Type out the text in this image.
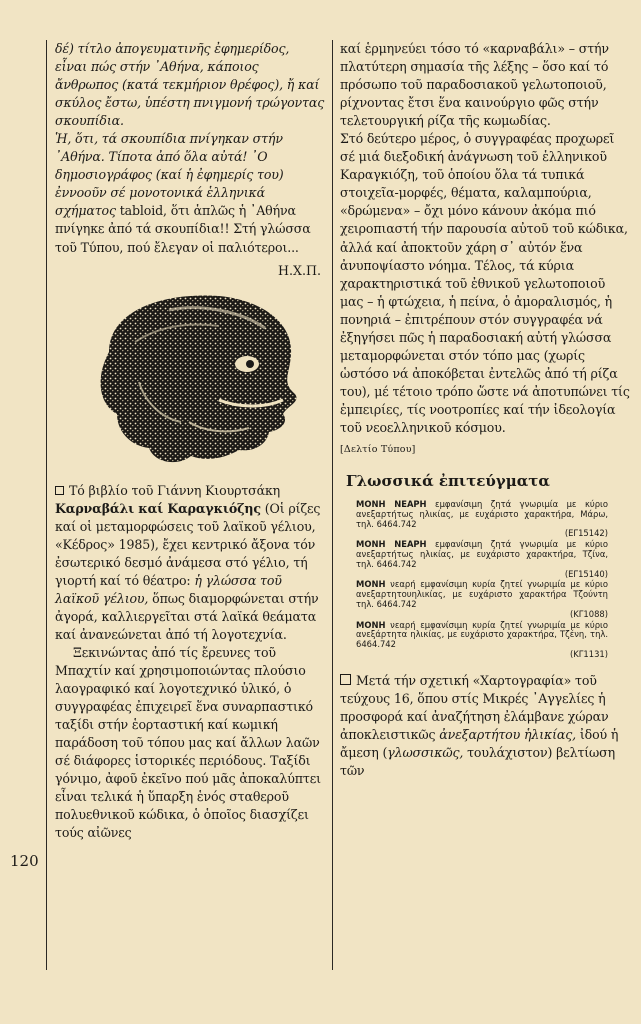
120

δέ) τίτλο ἀπογευματινῆς ἐφημερίδος, εἶναι πώς στήν ᾽Αθήνα, κάποιος ἄνθρωπος (κατά τεκμήριον θρέφος), ἤ καί σκύλος ἔστω, ὑπέστη πνιγμονή τρώγοντας σκουπίδια.

Ἡ, ὅτι, τά σκουπίδια πνίγηκαν στήν ᾽Αθήνα. Τίποτα ἀπό ὅλα αὐτά! ᾽Ο δημοσιογράφος (καί ἡ ἐφημερίς του) ἐννοοῦν σέ μονοτονικά ἑλληνικά σχήματος tabloid, ὅτι ἁπλῶς ἡ ᾽Αθήνα πνίγηκε ἀπό τά σκουπίδια!! Στή γλώσσα τοῦ Τύπου, πού ἔλεγαν οἱ παλιότεροι...

Η.Χ.Π.

Τό βιβλίο τοῦ Γιάννη Κιουρτσάκη Καρναβάλι καί Καραγκιόζης (Οἱ ρίζες καί οἱ μεταμορφώσεις τοῦ λαϊκοῦ γέλιου, «Κέδρος» 1985), ἔχει κεντρικό ἄξονα τόν ἐσωτερικό δεσμό ἀνάμεσα στό γέλιο, τή γιορτή καί τό θέατρο: ἡ γλώσσα τοῦ λαϊκοῦ γέλιου, ὅπως διαμορφώνεται στήν ἀγορά, καλλιεργεῖται στά λαϊκά θεάματα καί ἀνανεώνεται ἀπό τή λογοτεχνία.

Ξεκινώντας ἀπό τίς ἔρευνες τοῦ Μπαχτίν καί χρησιμοποιώντας πλούσιο λαογραφικό καί λογοτεχνικό ὑλικό, ὁ συγγραφέας ἐπιχειρεῖ ἕνα συναρπαστικό ταξίδι στήν ἑορταστική καί κωμική παράδοση τοῦ τόπου μας καί ἄλλων λαῶν σέ διάφορες ἱστορικές περιόδους. Ταξίδι γόνιμο, ἀφοῦ ἐκεῖνο πού μᾶς ἀποκαλύπτει εἶναι τελικά ἡ ὕπαρξη ἑνός σταθεροῦ πολυεθνικοῦ κώδικα, ὁ ὁποῖος διασχίζει τούς αἰῶνες

καί ἑρμηνεύει τόσο τό «καρναβάλι» – στήν πλατύτερη σημασία τῆς λέξης – ὅσο καί τό πρόσωπο τοῦ παραδοσιακοῦ γελωτοποιοῦ, ρίχνοντας ἔτσι ἕνα καινούργιο φῶς στήν τελετουργική ρίζα τῆς κωμωδίας.

Στό δεύτερο μέρος, ὁ συγγραφέας προχωρεῖ σέ μιά διεξοδική ἀνάγνωση τοῦ ἑλληνικοῦ Καραγκιόζη, τοῦ ὁποίου ὅλα τά τυπικά στοιχεῖα-μορφές, θέματα, καλαμπούρια, «δρώμενα» – ὄχι μόνο κάνουν ἀκόμα πιό χειροπιαστή τήν παρουσία αὐτοῦ τοῦ κώδικα, ἀλλά καί ἀποκτοῦν χάρη σ᾽ αὐτόν ἕνα ἀνυποψίαστο νόημα. Τέλος, τά κύρια χαρακτηριστικά τοῦ ἐθνικοῦ γελωτοποιοῦ μας – ἡ φτώχεια, ἡ πείνα, ὁ ἀμοραλισμός, ἡ πονηριά – ἐπιτρέπουν στόν συγγραφέα νά ἐξηγήσει πῶς ἡ παραδοσιακή αὐτή γλώσσα μεταμορφώνεται στόν τόπο μας (χωρίς ὡστόσο νά ἀποκόβεται ἐντελῶς ἀπό τή ρίζα του), μέ τέτοιο τρόπο ὥστε νά ἀποτυπώνει τίς ἐμπειρίες, τίς νοοτροπίες καί τήν ἰδεολογία τοῦ νεοελληνικοῦ κόσμου.

[Δελτίο Τύπου]
Γλωσσικά ἐπιτεύγματα
ΜΟΝΗ ΝΕΑΡΗ εμφανίσιμη ζητά γνωριμία με κύριο ανεξαρτήτως ηλικίας, με ευχάριστο χαρακτήρα, Μάρω, τηλ. 6464.742
(ΕΓ15142)
ΜΟΝΗ ΝΕΑΡΗ εμφανίσιμη ζητά γνωριμία με κύριο ανεξαρτήτως ηλικίας, με ευχάριστο χαρακτήρα, Τζίνα, τηλ. 6464.742
(ΕΓ15140)
ΜΟΝΗ νεαρή εμφανίσιμη κυρία ζητεί γνωριμία με κύριο ανεξαρτητουηλικίας, με ευχάριστο χαρακτήρα Τζούντη τηλ. 6464.742
(ΚΓ1088)
ΜΟΝΗ νεαρή εμφανίσιμη κυρία ζητεί γνωριμία με κύριο ανεξάρτητα ηλικίας, με ευχάριστο χαρακτήρα, Τζένη, τηλ. 6464.742
(ΚΓ1131)

Μετά τήν σχετική «Χαρτογραφία» τοῦ τεύχους 16, ὅπου στίς Μικρές ᾽Αγγελίες ἡ προσφορά καί ἀναζήτηση ἐλάμβανε χώραν ἀποκλειστικῶς ἀνεξαρτήτου ἡλικίας, ἰδού ἡ ἄμεση (γλωσσικῶς, τουλάχιστον) βελτίωση τῶν
